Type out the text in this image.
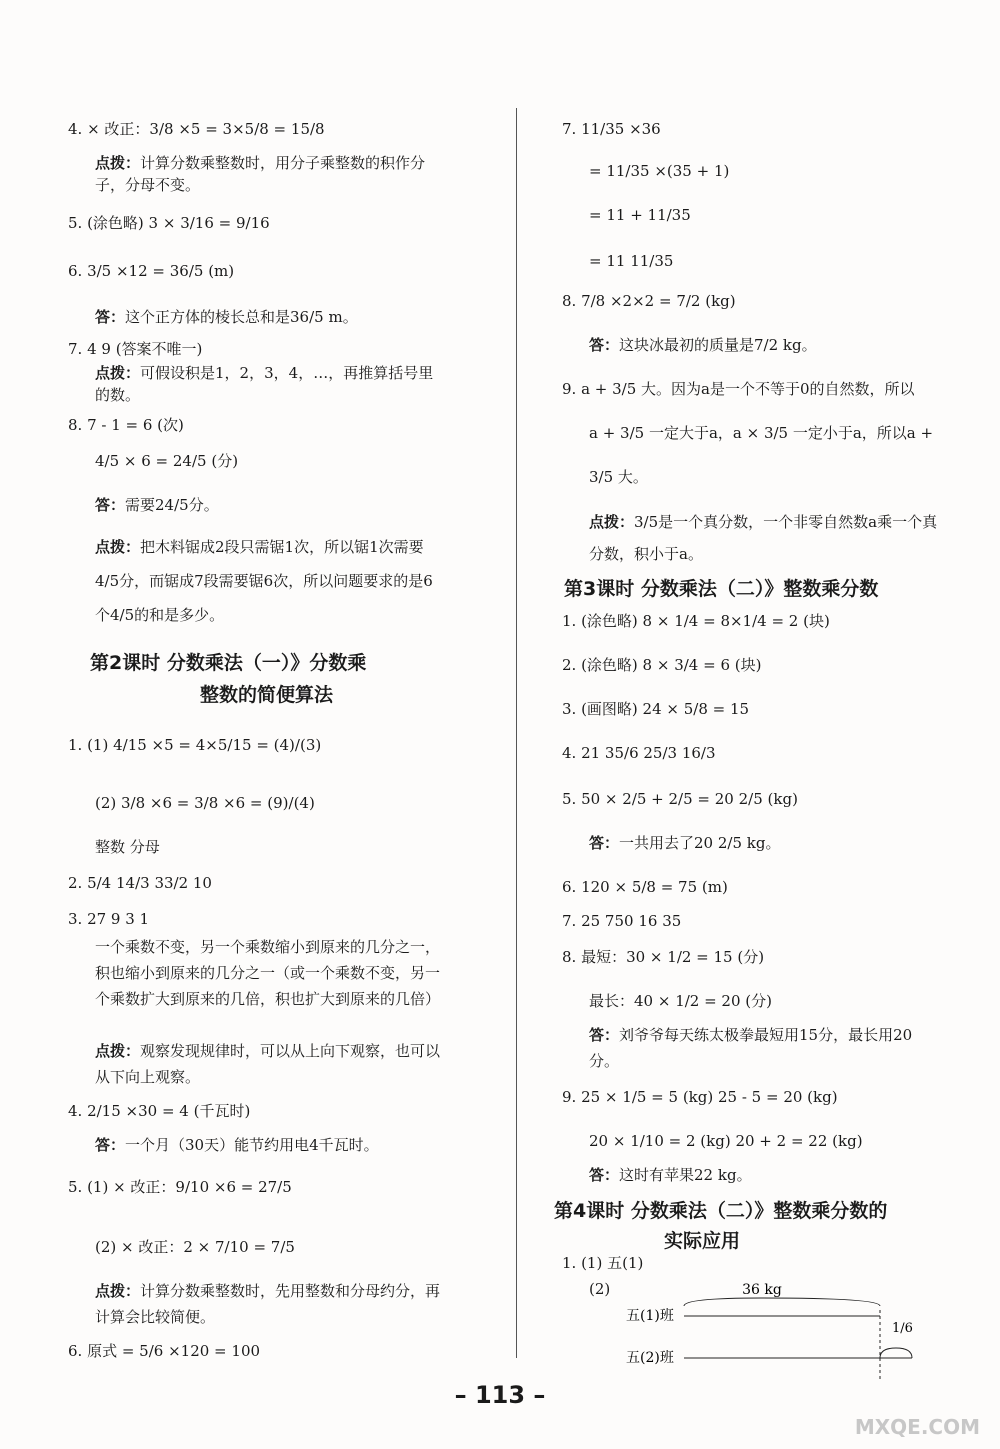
4. × 改正：3/8 ×5 = 3×5/8 = 15/8
点拨：计算分数乘整数时，用分子乘整数的积作分子，分母不变。
5. (涂色略) 3 × 3/16 = 9/16
6. 3/5 ×12 = 36/5 (m)
答：这个正方体的棱长总和是36/5 m。
7. 4 9 (答案不唯一)
点拨：可假设积是1，2，3，4，…，再推算括号里的数。
8. 7 - 1 = 6 (次)
4/5 × 6 = 24/5 (分)
答：需要24/5分。
点拨：把木料锯成2段只需锯1次，所以锯1次需要4/5分，而锯成7段需要锯6次，所以问题要求的是6个4/5的和是多少。
第2课时 分数乘法（一）》分数乘
整数的简便算法
1. (1) 4/15 ×5 = 4×5/15 = (4)/(3)
(2) 3/8 ×6 = 3/8 ×6 = (9)/(4)
整数 分母
2. 5/4 14/3 33/2 10
3. 27 9 3 1
一个乘数不变，另一个乘数缩小到原来的几分之一，积也缩小到原来的几分之一（或一个乘数不变，另一个乘数扩大到原来的几倍，积也扩大到原来的几倍）
点拨：观察发现规律时，可以从上向下观察，也可以从下向上观察。
4. 2/15 ×30 = 4 (千瓦时)
答：一个月（30天）能节约用电4千瓦时。
5. (1) × 改正：9/10 ×6 = 27/5
(2) × 改正：2 × 7/10 = 7/5
点拨：计算分数乘整数时，先用整数和分母约分，再计算会比较简便。
6. 原式 = 5/6 ×120 = 100
7. 11/35 ×36
= 11/35 ×(35 + 1)
= 11 + 11/35
= 11 11/35
8. 7/8 ×2×2 = 7/2 (kg)
答：这块冰最初的质量是7/2 kg。
9. a + 3/5 大。因为a是一个不等于0的自然数，所以
a + 3/5 一定大于a，a × 3/5 一定小于a，所以a +
3/5 大。
点拨：3/5是一个真分数，一个非零自然数a乘一个真分数，积小于a。
第3课时 分数乘法（二）》整数乘分数
1. (涂色略) 8 × 1/4 = 8×1/4 = 2 (块)
2. (涂色略) 8 × 3/4 = 6 (块)
3. (画图略) 24 × 5/8 = 15
4. 21 35/6 25/3 16/3
5. 50 × 2/5 + 2/5 = 20 2/5 (kg)
答：一共用去了20 2/5 kg。
6. 120 × 5/8 = 75 (m)
7. 25 750 16 35
8. 最短：30 × 1/2 = 15 (分)
最长：40 × 1/2 = 20 (分)
答：刘爷爷每天练太极拳最短用15分，最长用20分。
9. 25 × 1/5 = 5 (kg) 25 - 5 = 20 (kg)
20 × 1/10 = 2 (kg) 20 + 2 = 22 (kg)
答：这时有苹果22 kg。
第4课时 分数乘法（二）》整数乘分数的
实际应用
1. (1) 五(1)
(2)	36 kg
五(1)班
1/6
五(2)班
– 113 –
MXQE.COM
